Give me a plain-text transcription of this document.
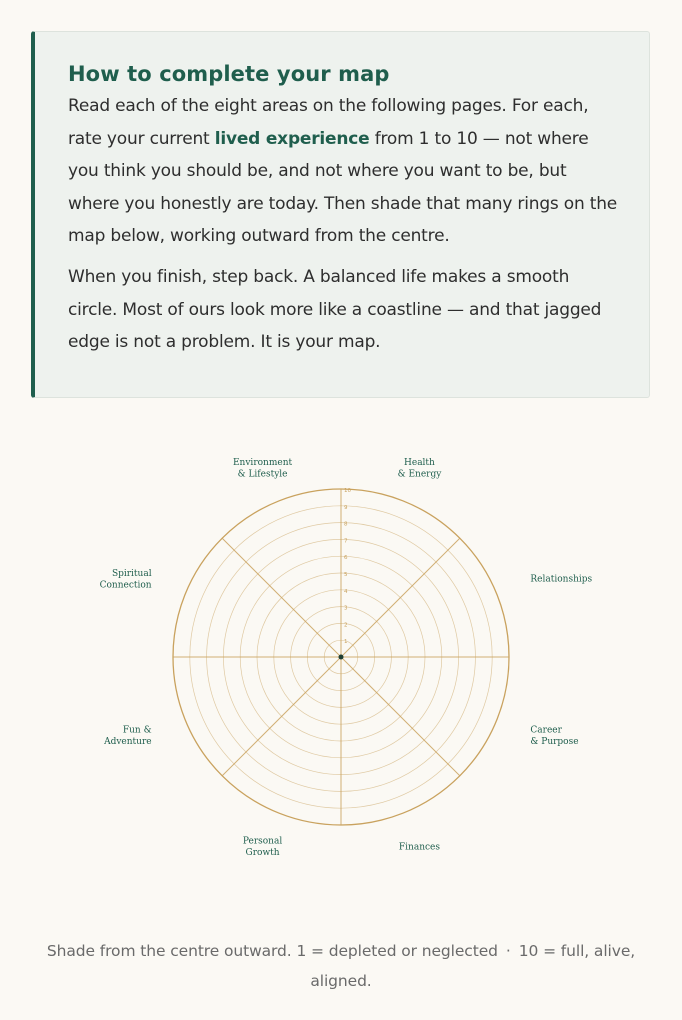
How to complete your map

Read each of the eight areas on the following pages. For each, rate your current lived experience from 1 to 10 — not where you think you should be, and not where you want to be, but where you honestly are today. Then shade that many rings on the map below, working outward from the centre.

When you finish, step back. A balanced life makes a smooth circle. Most of ours look more like a coastline — and that jagged edge is not a problem. It is your map.

1
2
3
4
5
6
7
8
9
10
Health & Energy
Relationships
Career & Purpose
Finances
Personal Growth
Fun & Adventure
Spiritual Connection
Environment & Lifestyle
Shade from the centre outward. 1 = depleted or neglected · 10 = full, alive, aligned.
